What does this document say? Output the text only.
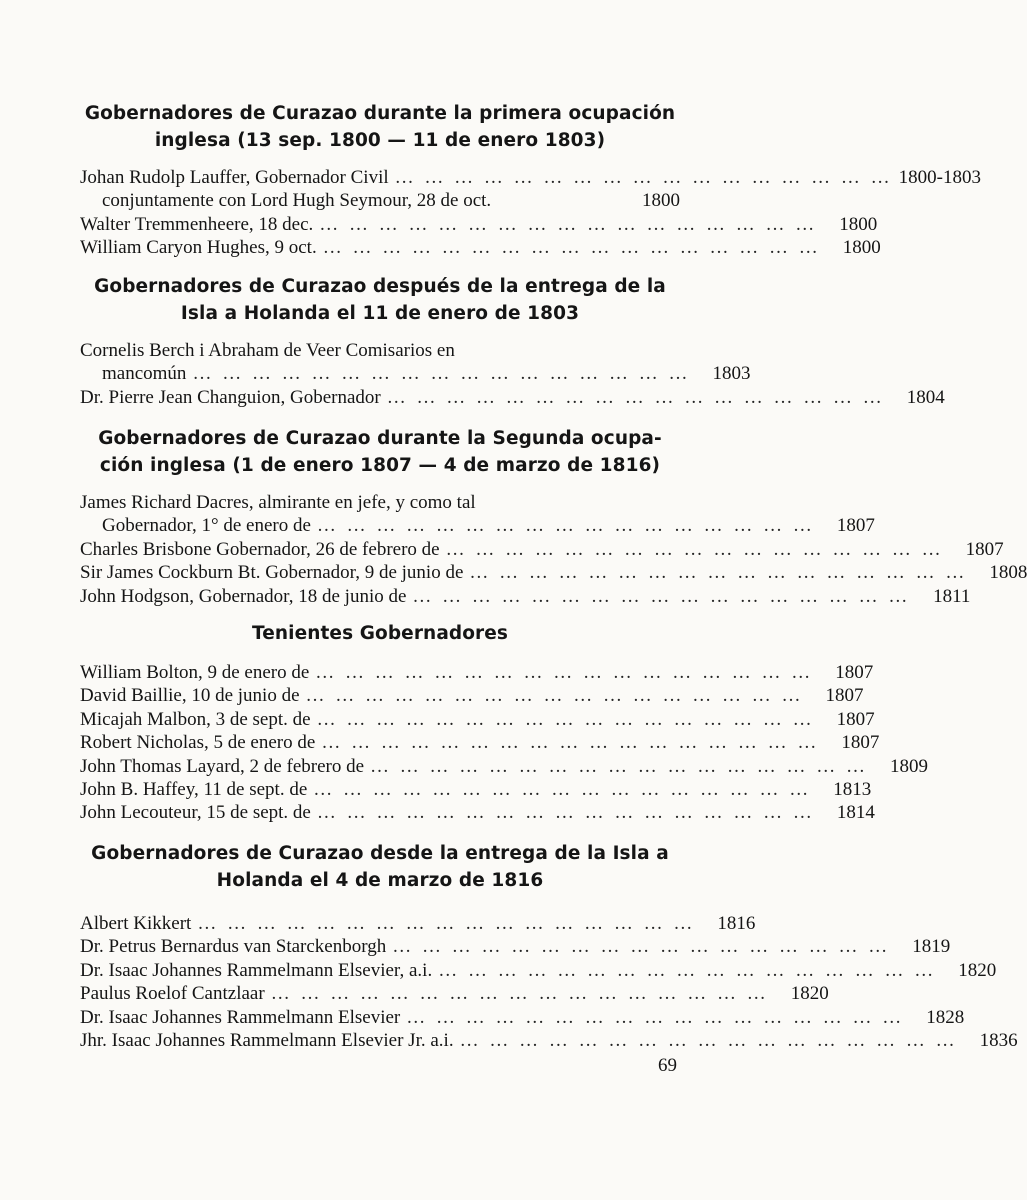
Gobernadores de Curazao durante la primera ocupación
inglesa (13 sep. 1800 — 11 de enero 1803)
Johan Rudolp Lauffer, Gobernador Civil … … … … … … … … … … … … … … … … …	1800-1803
conjuntamente con Lord Hugh Seymour, 28 de oct.	1800
Walter Tremmenheere, 18 dec. … … … … … … … … … … … … … … … … …	1800
William Caryon Hughes, 9 oct. … … … … … … … … … … … … … … … … …	1800
Gobernadores de Curazao después de la entrega de la
Isla a Holanda el 11 de enero de 1803
Cornelis Berch i Abraham de Veer Comisarios en
mancomún … … … … … … … … … … … … … … … … …	1803
Dr. Pierre Jean Changuion, Gobernador … … … … … … … … … … … … … … … … …	1804
Gobernadores de Curazao durante la Segunda ocupa-
ción inglesa (1 de enero 1807 — 4 de marzo de 1816)
James Richard Dacres, almirante en jefe, y como tal
Gobernador, 1° de enero de … … … … … … … … … … … … … … … … …	1807
Charles Brisbone Gobernador, 26 de febrero de … … … … … … … … … … … … … … … … …	1807
Sir James Cockburn Bt. Gobernador, 9 de junio de … … … … … … … … … … … … … … … … …	1808
John Hodgson, Gobernador, 18 de junio de … … … … … … … … … … … … … … … … …	1811
Tenientes Gobernadores
William Bolton, 9 de enero de … … … … … … … … … … … … … … … … …	1807
David Baillie, 10 de junio de … … … … … … … … … … … … … … … … …	1807
Micajah Malbon, 3 de sept. de … … … … … … … … … … … … … … … … …	1807
Robert Nicholas, 5 de enero de … … … … … … … … … … … … … … … … …	1807
John Thomas Layard, 2 de febrero de … … … … … … … … … … … … … … … … …	1809
John B. Haffey, 11 de sept. de … … … … … … … … … … … … … … … … …	1813
John Lecouteur, 15 de sept. de … … … … … … … … … … … … … … … … …	1814
Gobernadores de Curazao desde la entrega de la Isla a
Holanda el 4 de marzo de 1816
Albert Kikkert … … … … … … … … … … … … … … … … …	1816
Dr. Petrus Bernardus van Starckenborgh … … … … … … … … … … … … … … … … …	1819
Dr. Isaac Johannes Rammelmann Elsevier, a.i. … … … … … … … … … … … … … … … … …	1820
Paulus Roelof Cantzlaar … … … … … … … … … … … … … … … … …	1820
Dr. Isaac Johannes Rammelmann Elsevier … … … … … … … … … … … … … … … … …	1828
Jhr. Isaac Johannes Rammelmann Elsevier Jr. a.i. … … … … … … … … … … … … … … … … …	1836
69
